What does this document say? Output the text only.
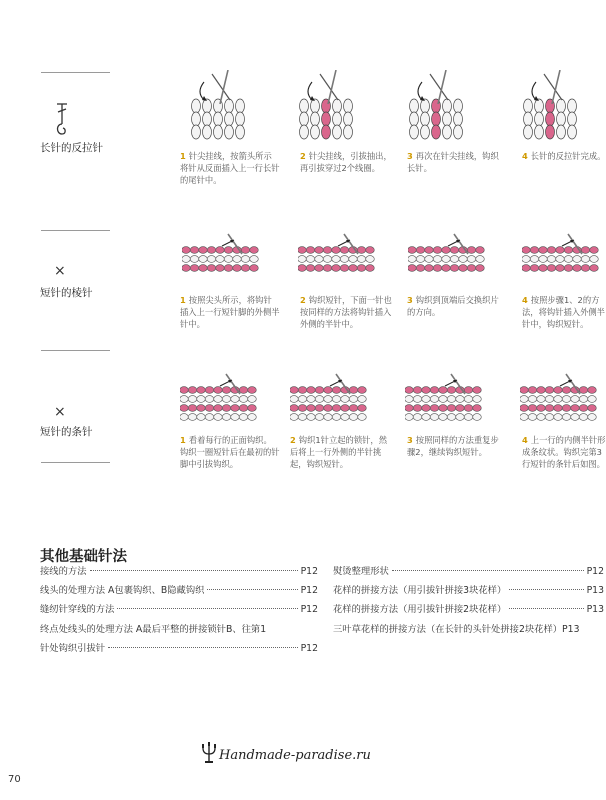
长针的反拉针
×
短针的棱针
×
短针的条针
1 针尖挂线，按箭头所示将针从反面插入上一行长针的尾针中。
2 针尖挂线，引拔抽出，再引拔穿过2个线圈。
3 再次在针尖挂线，钩织长针。
4 长针的反拉针完成。
1 按照尖头所示，将钩针插入上一行短针脚的外侧半针中。
2 钩织短针，下面一针也按同样的方法将钩针插入外侧的半针中。
3 钩织到顶端后交换织片的方向。
4 按照步骤1、2的方法，将钩针插入外侧半针中，钩织短针。
1 看着每行的正面钩织。钩织一圈短针后在最初的针脚中引拔钩织。
2 钩织1针立起的锁针，然后将上一行外侧的半针挑起，钩织短针。
3 按照同样的方法重复步骤2，继续钩织短针。
4 上一行的内侧半针形成条纹状。钩织完第3行短针的条针后如图。
其他基础针法
接线的方法	P12
线头的处理方法 A包裹钩织、B隐藏钩织	P12
缝纫针穿线的方法	P12
终点处线头的处理方法 A最后平整的拼接锁针B、往第1
针处钩织引拔针	P12
熨烫整理形状	P12
花样的拼接方法（用引拔针拼接3块花样）	P13
花样的拼接方法（用引拔针拼接2块花样）	P13
三叶草花样的拼接方法（在长针的头针处拼接2块花样） P13
Handmade-paradise.ru
70
